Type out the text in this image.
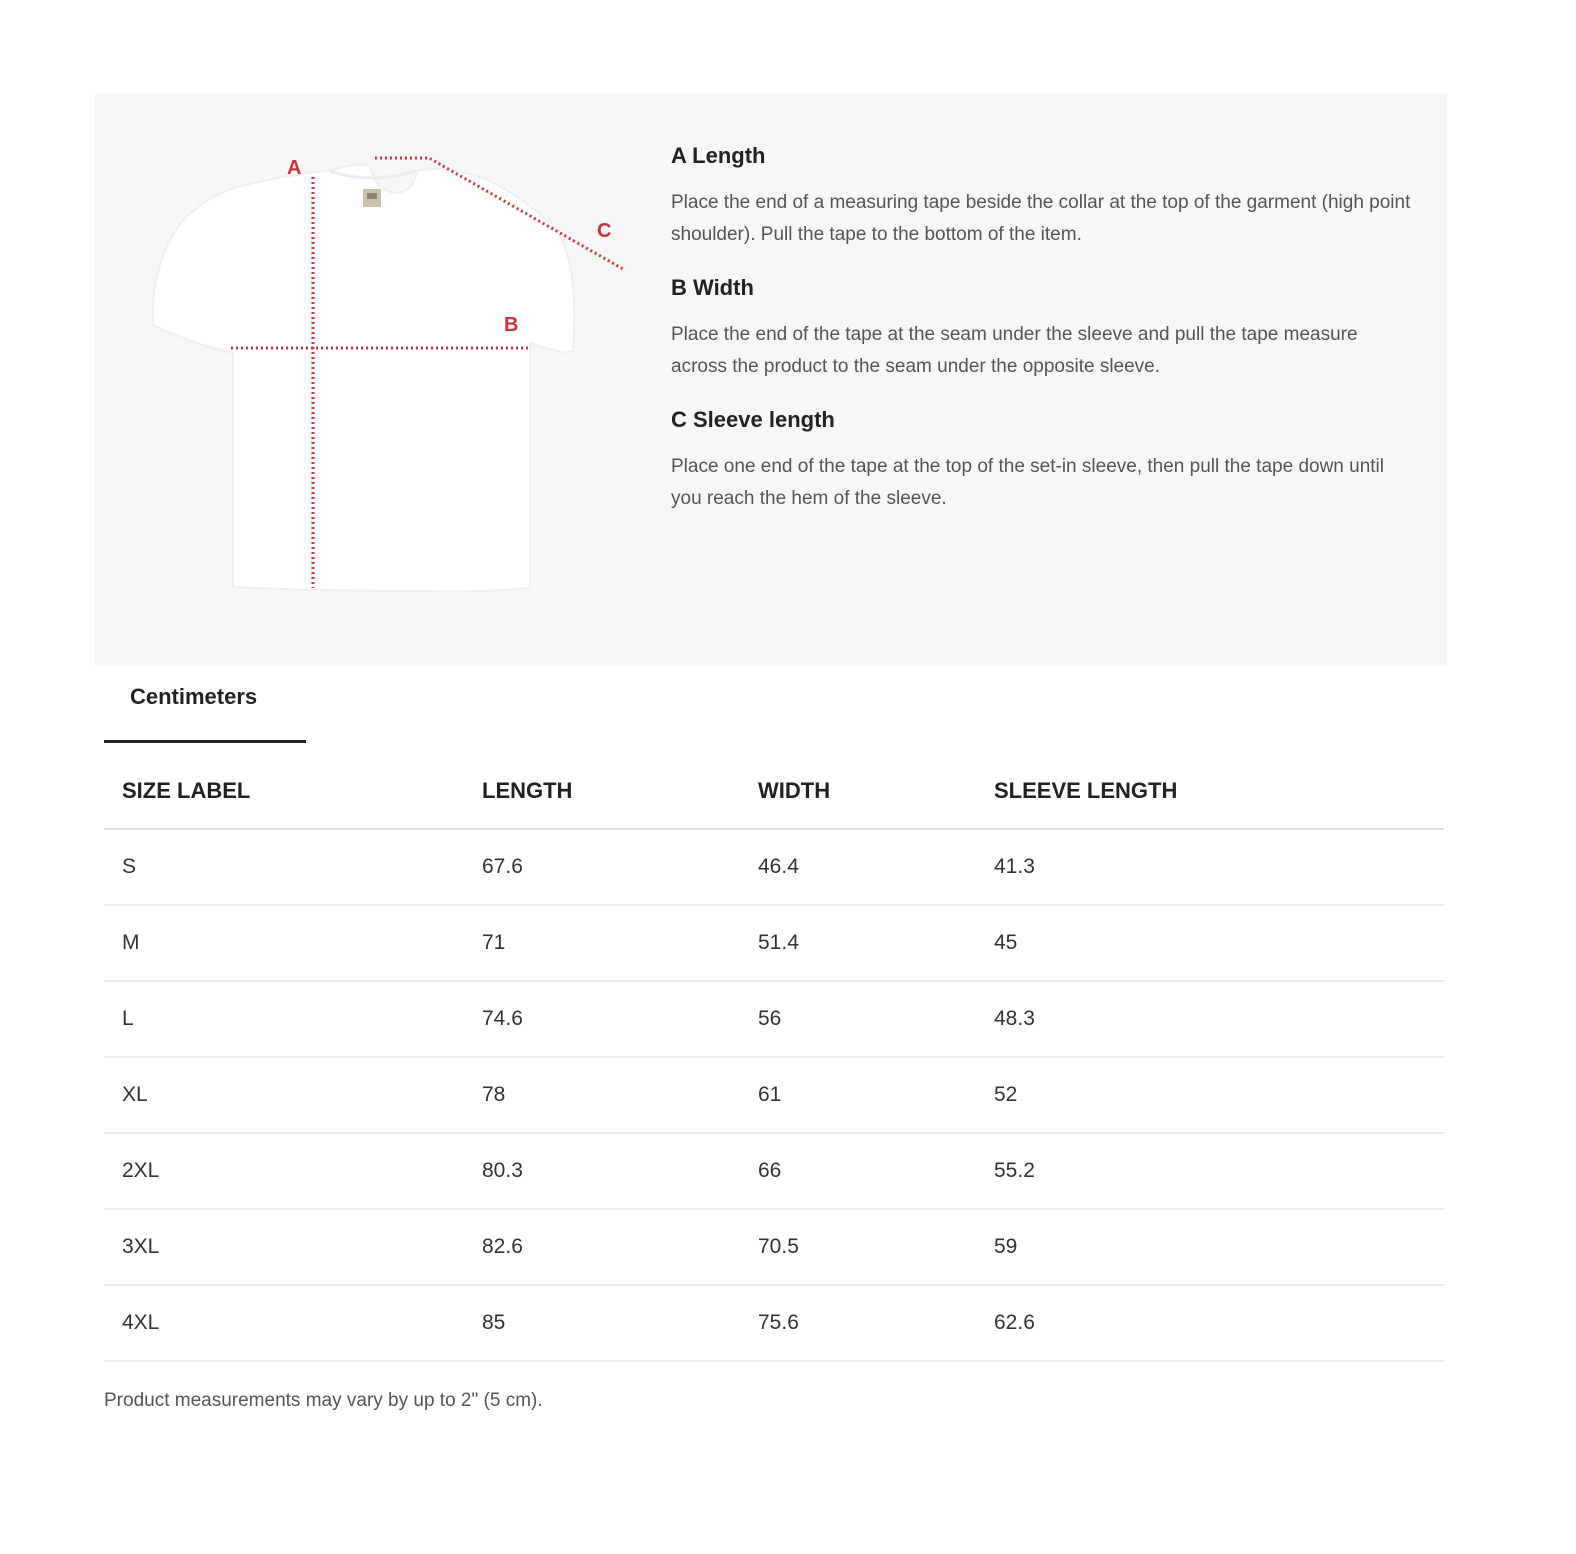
A
B
C

A Length

Place the end of a measuring tape beside the collar at the top of the garment (high point shoulder). Pull the tape to the bottom of the item.

B Width

Place the end of the tape at the seam under the sleeve and pull the tape measure across the product to the seam under the opposite sleeve.

C Sleeve length

Place one end of the tape at the top of the set-in sleeve, then pull the tape down until you reach the hem of the sleeve.

Centimeters
SIZE LABEL	LENGTH	WIDTH	SLEEVE LENGTH
S	67.6	46.4	41.3
M	71	51.4	45
L	74.6	56	48.3
XL	78	61	52
2XL	80.3	66	55.2
3XL	82.6	70.5	59
4XL	85	75.6	62.6
Product measurements may vary by up to 2" (5 cm).
